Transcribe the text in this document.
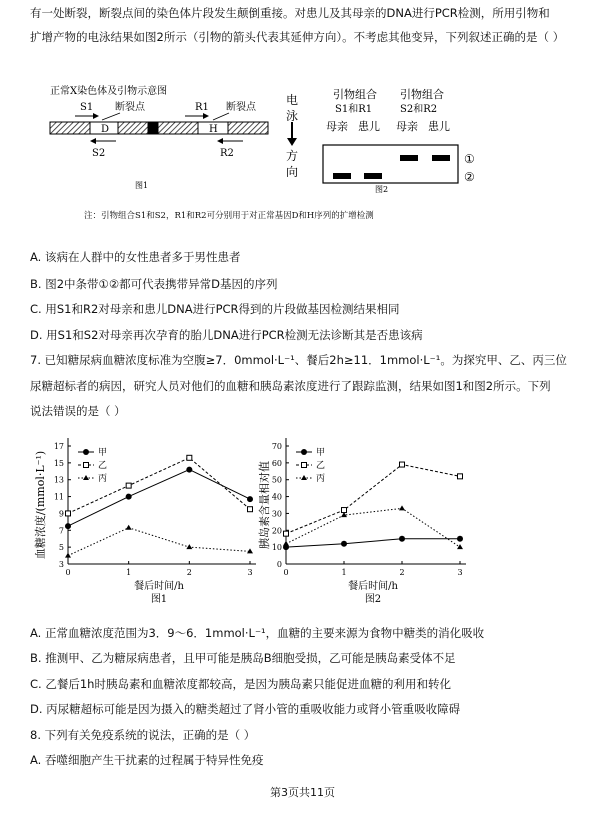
有一处断裂，断裂点间的染色体片段发生颠倒重接。对患儿及其母亲的DNA进行PCR检测，所用引物和
扩增产物的电泳结果如图2所示（引物的箭头代表其延伸方向）。不考虑其他变异，下列叙述正确的是（ ）
正常X染色体及引物示意图
S1 断裂点	R1 断裂点
D	H
S2	R2
图1
电
泳
方
向
引物组合
S1和R1
引物组合
S2和R2
母亲 患儿 母亲 患儿
①
②
图2
注：引物组合S1和S2，R1和R2可分别用于对正常基因D和H序列的扩增检测
A. 该病在人群中的女性患者多于男性患者
B. 图2中条带①②都可代表携带异常D基因的序列
C. 用S1和R2对母亲和患儿DNA进行PCR得到的片段做基因检测结果相同
D. 用S1和S2对母亲再次孕育的胎儿DNA进行PCR检测无法诊断其是否患该病
7. 已知糖尿病血糖浓度标准为空腹≥7．0mmol·L⁻¹、餐后2h≥11．1mmol·L⁻¹。为探究甲、乙、丙三位
尿糖超标者的病因，研究人员对他们的血糖和胰岛素浓度进行了跟踪监测，结果如图1和图2所示。下列
说法错误的是（ ）
3
5
7
9
11
13
15
17
0	1	2	3
餐后时间/h
图1
血糖浓度/(mmol·L⁻¹)	甲
乙
丙
0
10
20
30
40
50
60
70
0	1	2	3
餐后时间/h
图2
胰岛素含量相对值
甲
乙
丙
A. 正常血糖浓度范围为3．9～6．1mmol·L⁻¹，血糖的主要来源为食物中糖类的消化吸收
B. 推测甲、乙为糖尿病患者，且甲可能是胰岛B细胞受损，乙可能是胰岛素受体不足
C. 乙餐后1h时胰岛素和血糖浓度都较高，是因为胰岛素只能促进血糖的利用和转化
D. 丙尿糖超标可能是因为摄入的糖类超过了肾小管的重吸收能力或肾小管重吸收障碍
8. 下列有关免疫系统的说法，正确的是（ ）
A. 吞噬细胞产生干扰素的过程属于特异性免疫
第3页共11页
